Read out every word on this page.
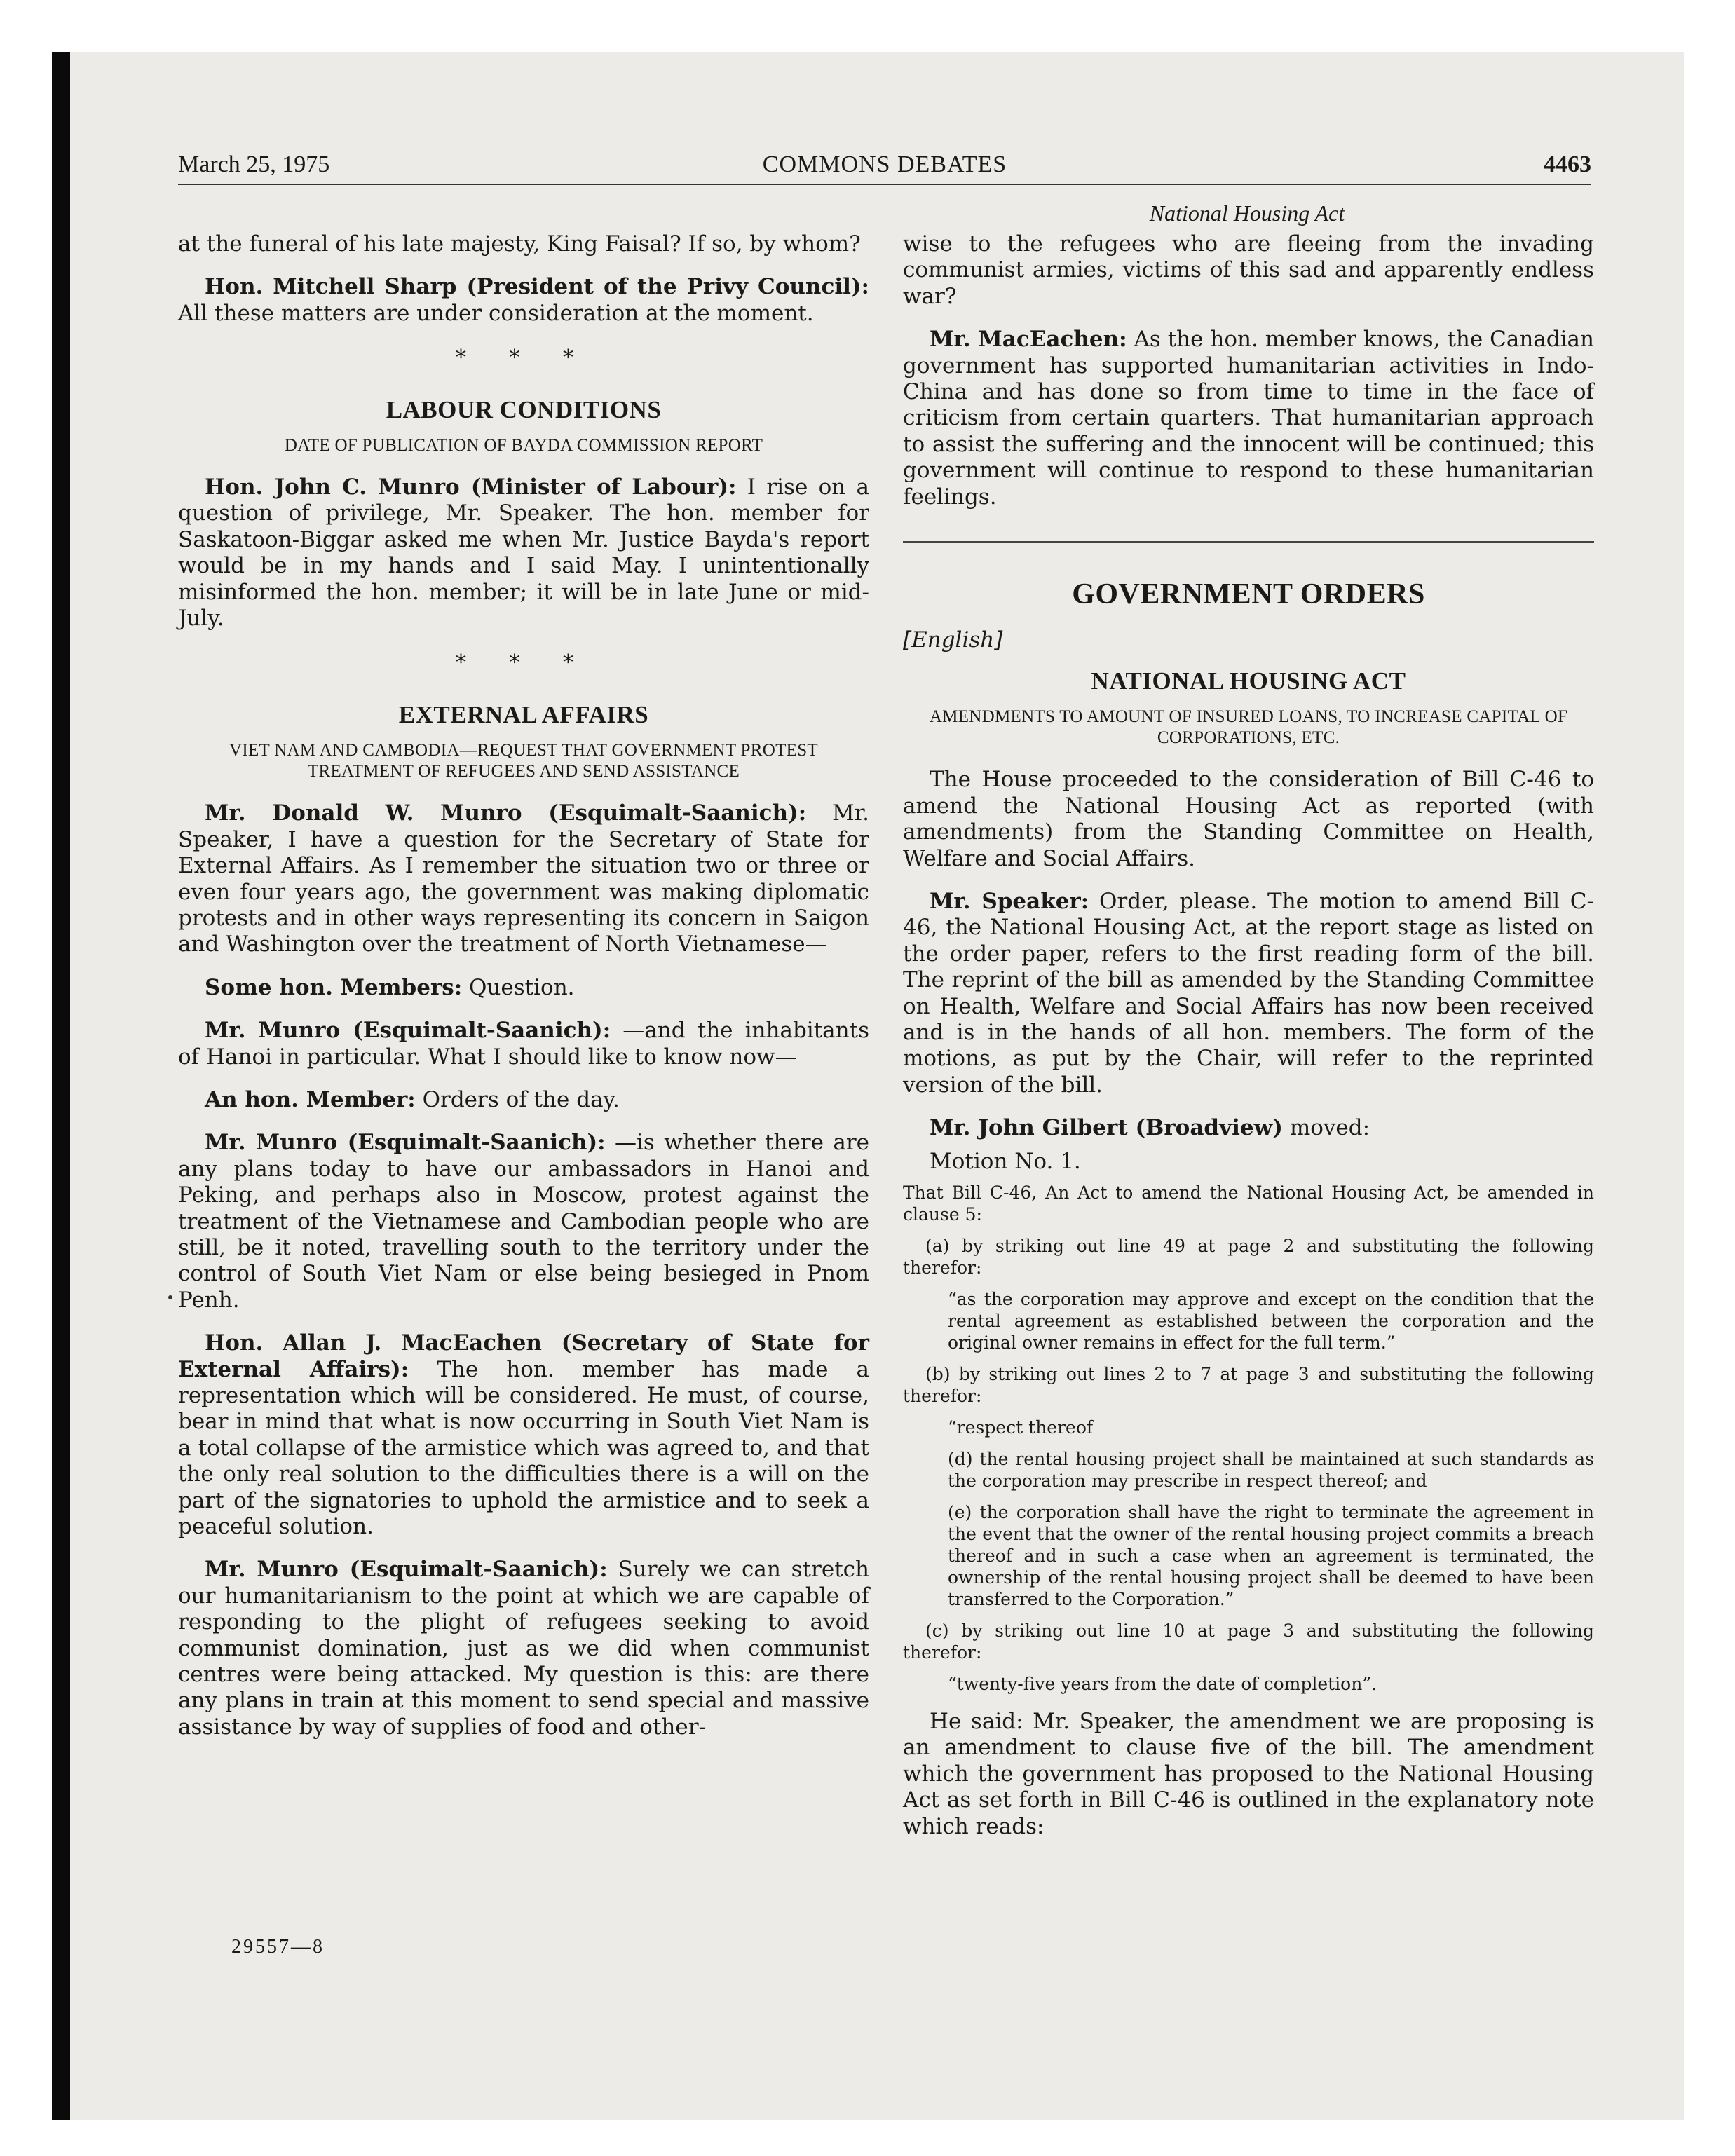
March 25, 1975	COMMONS DEBATES	4463
National Housing Act

at the funeral of his late majesty, King Faisal? If so, by whom?

Hon. Mitchell Sharp (President of the Privy Council): All these matters are under consideration at the moment.

* * *
LABOUR CONDITIONS
DATE OF PUBLICATION OF BAYDA COMMISSION REPORT

Hon. John C. Munro (Minister of Labour): I rise on a question of privilege, Mr. Speaker. The hon. member for Saskatoon-Biggar asked me when Mr. Justice Bayda's report would be in my hands and I said May. I unintentionally misinformed the hon. member; it will be in late June or mid-July.

* * *
EXTERNAL AFFAIRS
VIET NAM AND CAMBODIA—REQUEST THAT GOVERNMENT PROTEST TREATMENT OF REFUGEES AND SEND ASSISTANCE

Mr. Donald W. Munro (Esquimalt-Saanich): Mr. Speaker, I have a question for the Secretary of State for External Affairs. As I remember the situation two or three or even four years ago, the government was making diplomatic protests and in other ways representing its concern in Saigon and Washington over the treatment of North Vietnamese—

Some hon. Members: Question.

Mr. Munro (Esquimalt-Saanich): —and the inhabitants of Hanoi in particular. What I should like to know now—

An hon. Member: Orders of the day.

Mr. Munro (Esquimalt-Saanich): —is whether there are any plans today to have our ambassadors in Hanoi and Peking, and perhaps also in Moscow, protest against the treatment of the Vietnamese and Cambodian people who are still, be it noted, travelling south to the territory under the control of South Viet Nam or else being besieged in Pnom Penh.

Hon. Allan J. MacEachen (Secretary of State for External Affairs): The hon. member has made a representation which will be considered. He must, of course, bear in mind that what is now occurring in South Viet Nam is a total collapse of the armistice which was agreed to, and that the only real solution to the difficulties there is a will on the part of the signatories to uphold the armistice and to seek a peaceful solution.

Mr. Munro (Esquimalt-Saanich): Surely we can stretch our humanitarianism to the point at which we are capable of responding to the plight of refugees seeking to avoid communist domination, just as we did when communist centres were being attacked. My question is this: are there any plans in train at this moment to send special and massive assistance by way of supplies of food and other-

wise to the refugees who are fleeing from the invading communist armies, victims of this sad and apparently endless war?

Mr. MacEachen: As the hon. member knows, the Canadian government has supported humanitarian activities in Indo-China and has done so from time to time in the face of criticism from certain quarters. That humanitarian approach to assist the suffering and the innocent will be continued; this government will continue to respond to these humanitarian feelings.

GOVERNMENT ORDERS
[English]
NATIONAL HOUSING ACT
AMENDMENTS TO AMOUNT OF INSURED LOANS, TO INCREASE CAPITAL OF CORPORATIONS, ETC.

The House proceeded to the consideration of Bill C-46 to amend the National Housing Act as reported (with amendments) from the Standing Committee on Health, Welfare and Social Affairs.

Mr. Speaker: Order, please. The motion to amend Bill C-46, the National Housing Act, at the report stage as listed on the order paper, refers to the first reading form of the bill. The reprint of the bill as amended by the Standing Committee on Health, Welfare and Social Affairs has now been received and is in the hands of all hon. members. The form of the motions, as put by the Chair, will refer to the reprinted version of the bill.

Mr. John Gilbert (Broadview) moved:

Motion No. 1.

That Bill C-46, An Act to amend the National Housing Act, be amended in clause 5:

(a) by striking out line 49 at page 2 and substituting the following therefor:

“as the corporation may approve and except on the condition that the rental agreement as established between the corporation and the original owner remains in effect for the full term.”

(b) by striking out lines 2 to 7 at page 3 and substituting the following therefor:

“respect thereof

(d) the rental housing project shall be maintained at such standards as the corporation may prescribe in respect thereof; and

(e) the corporation shall have the right to terminate the agreement in the event that the owner of the rental housing project commits a breach thereof and in such a case when an agreement is terminated, the ownership of the rental housing project shall be deemed to have been transferred to the Corporation.”

(c) by striking out line 10 at page 3 and substituting the following therefor:

“twenty-five years from the date of completion”.

He said: Mr. Speaker, the amendment we are proposing is an amendment to clause five of the bill. The amendment which the government has proposed to the National Housing Act as set forth in Bill C-46 is outlined in the explanatory note which reads:

29557—8
